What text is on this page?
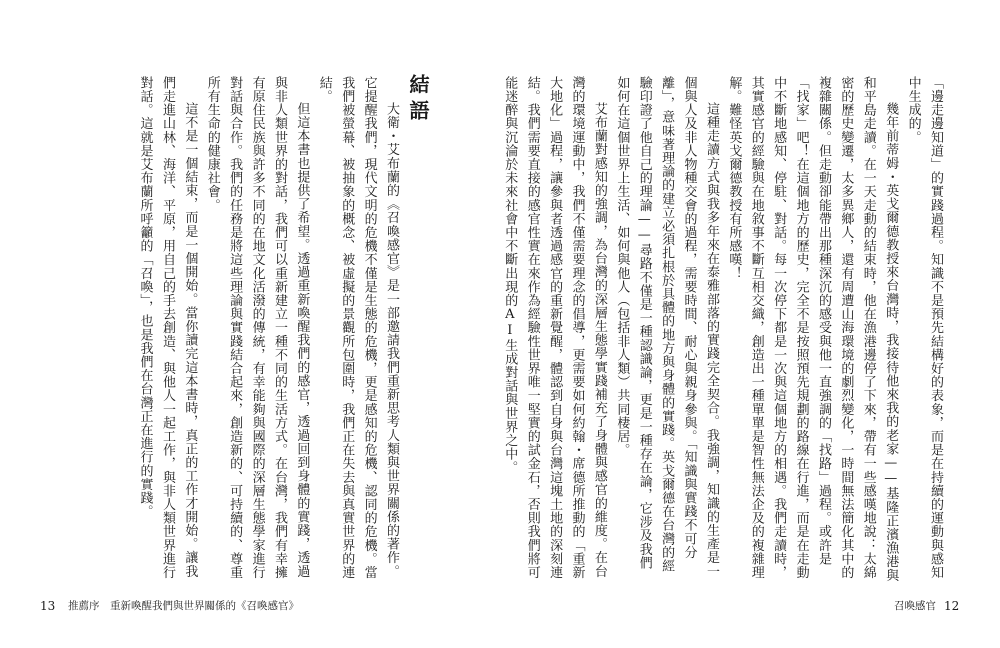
大衛・艾布蘭的《召喚感官》是一部邀請我們重新思考人類與世界關係的著作。它提醒我們，現代文明的危機不僅是生態的危機，更是感知的危機、認同的危機。當我們被螢幕、被抽象的概念、被虛擬的景觀所包圍時，我們正在失去與真實世界的連結。

但這本書也提供了希望。透過重新喚醒我們的感官，透過回到身體的實踐，透過與非人類世界的對話，我們可以重新建立一種不同的生活方式。在台灣，我們有幸擁有原住民族與許多不同的在地文化活潑的傳統，有幸能夠與國際的深層生態學家進行對話與合作。我們的任務是將這些理論與實踐結合起來，創造新的、可持續的、尊重所有生命的健康社會。

這不是一個結束，而是一個開始。當你讀完這本書時，真正的工作才開始。讓我們走進山林、海洋、平原，用自己的手去創造、與他人一起工作，與非人類世界進行對話。這就是艾布蘭所呼籲的「召喚」，也是我們在台灣正在進行的實踐。	結語
13 推薦序　重新喚醒我們與世界關係的《召喚感官》

「邊走邊知道」的實踐過程。知識不是預先結構好的表象，而是在持續的運動與感知中生成的。

幾年前蒂姆・英戈爾德教授來台灣時，我接待他來我的老家——基隆正濱漁港與和平島走讀。在一天走動的結束時，他在漁港邊停了下來，帶有一些感嘆地說：太綿密的歷史變遷，太多異鄉人，還有周遭山海環境的劇烈變化，一時間無法簡化其中的複雜關係。但走動卻能帶出那種深沉的感受與他一直強調的「找路」過程。或許是「找家」吧！在這個地方的歷史，完全不是按照預先規劃的路線在行進，而是在走動中不斷地感知、停駐、對話。每一次停下都是一次與這個地方的相遇。我們走讀時，其實感官的經驗與在地敘事不斷互相交織，創造出一種單單是智性無法企及的複雜理解。難怪英戈爾德教授有所感嘆！

這種走讀方式與我多年來在泰雅部落的實踐完全契合。我強調，知識的生產是一個與人及非人物種交會的過程，需要時間、耐心與親身參與。「知識與實踐不可分離」，意味著理論的建立必須扎根於具體的地方與身體的實踐。英戈爾德在台灣的經驗印證了他自己的理論——尋路不僅是一種認識論，更是一種存在論，它涉及我們如何在這個世界上生活、如何與他人（包括非人類）共同棲居。

艾布蘭對感知的強調，為台灣的深層生態學實踐補充了身體與感官的維度。在台灣的環境運動中，我們不僅需要理念的倡導，更需要如何約翰・席德所推動的「重新大地化」過程，讓參與者透過感官的重新覺醒，體認到自身與台灣這塊土地的深刻連結。我們需要直接的感官性實在來作為經驗性世界唯一堅實的試金石，否則我們將可能迷醉與沉淪於未來社會中不斷出現的AI生成對話與世界之中。

召喚感官 12
